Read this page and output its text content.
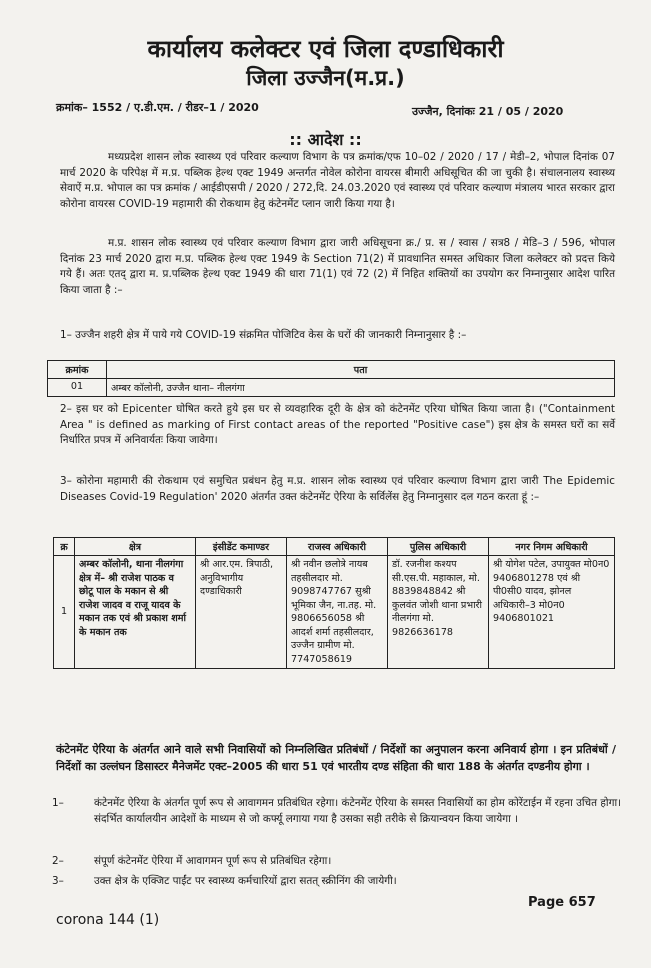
कार्यालय कलेक्टर एवं जिला दण्डाधिकारी
जिला उज्जैन(म.प्र.)
क्रमांक– 1552 / ए.डी.एम. / रीडर–1 / 2020	उज्जैन, दिनांकः 21 / 05 / 2020
:: आदेश ::

मध्यप्रदेश शासन लोक स्वास्थ्य एवं परिवार कल्याण विभाग के पत्र क्रमांक/एफ 10–02 / 2020 / 17 / मेडी–2, भोपाल दिनांक 07 मार्च 2020 के परिपेक्ष में म.प्र. पब्लिक हेल्थ एक्ट 1949 अन्तर्गत नोवेल कोरोना वायरस बीमारी अधिसूचित की जा चुकी है। संचालनालय स्वास्थ्य सेवाऐं म.प्र. भोपाल का पत्र क्रमांक / आईडीएसपी / 2020 / 272,दि. 24.03.2020 एवं स्वास्थ्य एवं परिवार कल्याण मंत्रालय भारत सरकार द्वारा कोरोना वायरस COVID-19 महामारी की रोकथाम हेतु कंटेनमेंट प्लान जारी किया गया है।

म.प्र. शासन लोक स्वास्थ्य एवं परिवार कल्याण विभाग द्वारा जारी अधिसूचना क्र./ प्र. स / स्वास / सत्र8 / मेडि–3 / 596, भोपाल दिनांक 23 मार्च 2020 द्वारा म.प्र. पब्लिक हेल्थ एक्ट 1949 के Section 71(2) में प्रावधानित समस्त अधिकार जिला कलेक्टर को प्रदत्त किये गये हैं। अतः एतद् द्वारा म. प्र.पब्लिक हेल्थ एक्ट 1949 की धारा 71(1) एवं 72 (2) में निहित शक्तियों का उपयोग कर निम्नानुसार आदेश पारित किया जाता है :–

1– उज्जैन शहरी क्षेत्र में पाये गये COVID-19 संक्रमित पोजिटिव केस के घरों की जानकारी निम्नानुसार है :–

क्रमांक	पता
01	अम्बर कॉलोनी, उज्जैन थाना– नीलगंगा

2– इस घर को Epicenter घोषित करते हुये इस घर से व्यवहारिक दूरी के क्षेत्र को कंटेनमेंट एरिया घोषित किया जाता है। ("Containment Area " is defined as marking of First contact areas of the reported "Positive case") इस क्षेत्र के समस्त घरों का सर्वे निर्धारित प्रपत्र में अनिवार्यतः किया जावेगा।

3– कोरोना महामारी की रोकथाम एवं समुचित प्रबंधन हेतु म.प्र. शासन लोक स्वास्थ्य एवं परिवार कल्याण विभाग द्वारा जारी The Epidemic Diseases Covid-19 Regulation' 2020 अंतर्गत उक्त कंटेनमेंट ऐरिया के सर्विलेंस हेतु निम्नानुसार दल गठन करता हूं :–

क्र	क्षेत्र	इंसीडेंट कमाण्डर	राजस्व अधिकारी	पुलिस अधिकारी	नगर निगम अधिकारी
1	अम्बर कॉलोनी, थाना नीलगंगा क्षेत्र में– श्री राजेश पाठक व छोटू पाल के मकान से श्री राजेश जादव व राजू यादव के मकान तक एवं श्री प्रकाश शर्मा के मकान तक	श्री आर.एम. त्रिपाठी, अनुविभागीय दण्डाधिकारी	श्री नवीन छलोत्रे नायब तहसीलदार मो. 9098747767 सुश्री भूमिका जैन, ना.तह. मो. 9806656058 श्री आदर्श शर्मा तहसीलदार, उज्जैन ग्रामीण मो. 7747058619	डॉ. रजनीश कश्यप सी.एस.पी. महाकाल, मो. 8839848842 श्री कुलवंत जोशी थाना प्रभारी नीलगंगा मो. 9826636178	श्री योगेश पटेल, उपायुक्त मो0न0 9406801278 एवं श्री पी0सी0 यादव, झोनल अधिकारी–3 मो0न0 9406801021

कंटेनमेंट ऐरिया के अंतर्गत आने वाले सभी निवासियों को निम्नलिखित प्रतिबंधों / निर्देशों का अनुपालन करना अनिवार्य होगा । इन प्रतिबंधों / निर्देशों का उल्लंघन डिसास्टर मैनेजमेंट एक्ट–2005 की धारा 51 एवं भारतीय दण्ड संहिता की धारा 188 के अंतर्गत दण्डनीय होगा ।

1–	कंटेनमेंट ऐरिया के अंतर्गत पूर्ण रूप से आवागमन प्रतिबंधित रहेगा। कंटेनमेंट ऐरिया के समस्त निवासियों का होम कोरेंटाईन में रहना उचित होगा। संदर्भित कार्यालयीन आदेशों के माध्यम से जो कर्फ्यू लगाया गया है उसका सही तरीके से क्रियान्वयन किया जायेगा ।
2–	संपूर्ण कंटेनमेंट ऐरिया में आवागमन पूर्ण रूप से प्रतिबंधित रहेगा।
3–	उक्त क्षेत्र के एक्जिट पाईंट पर स्वास्थ्य कर्मचारियों द्वारा सतत् स्क्रीनिंग की जायेगी।
corona 144 (1)
Page 657
